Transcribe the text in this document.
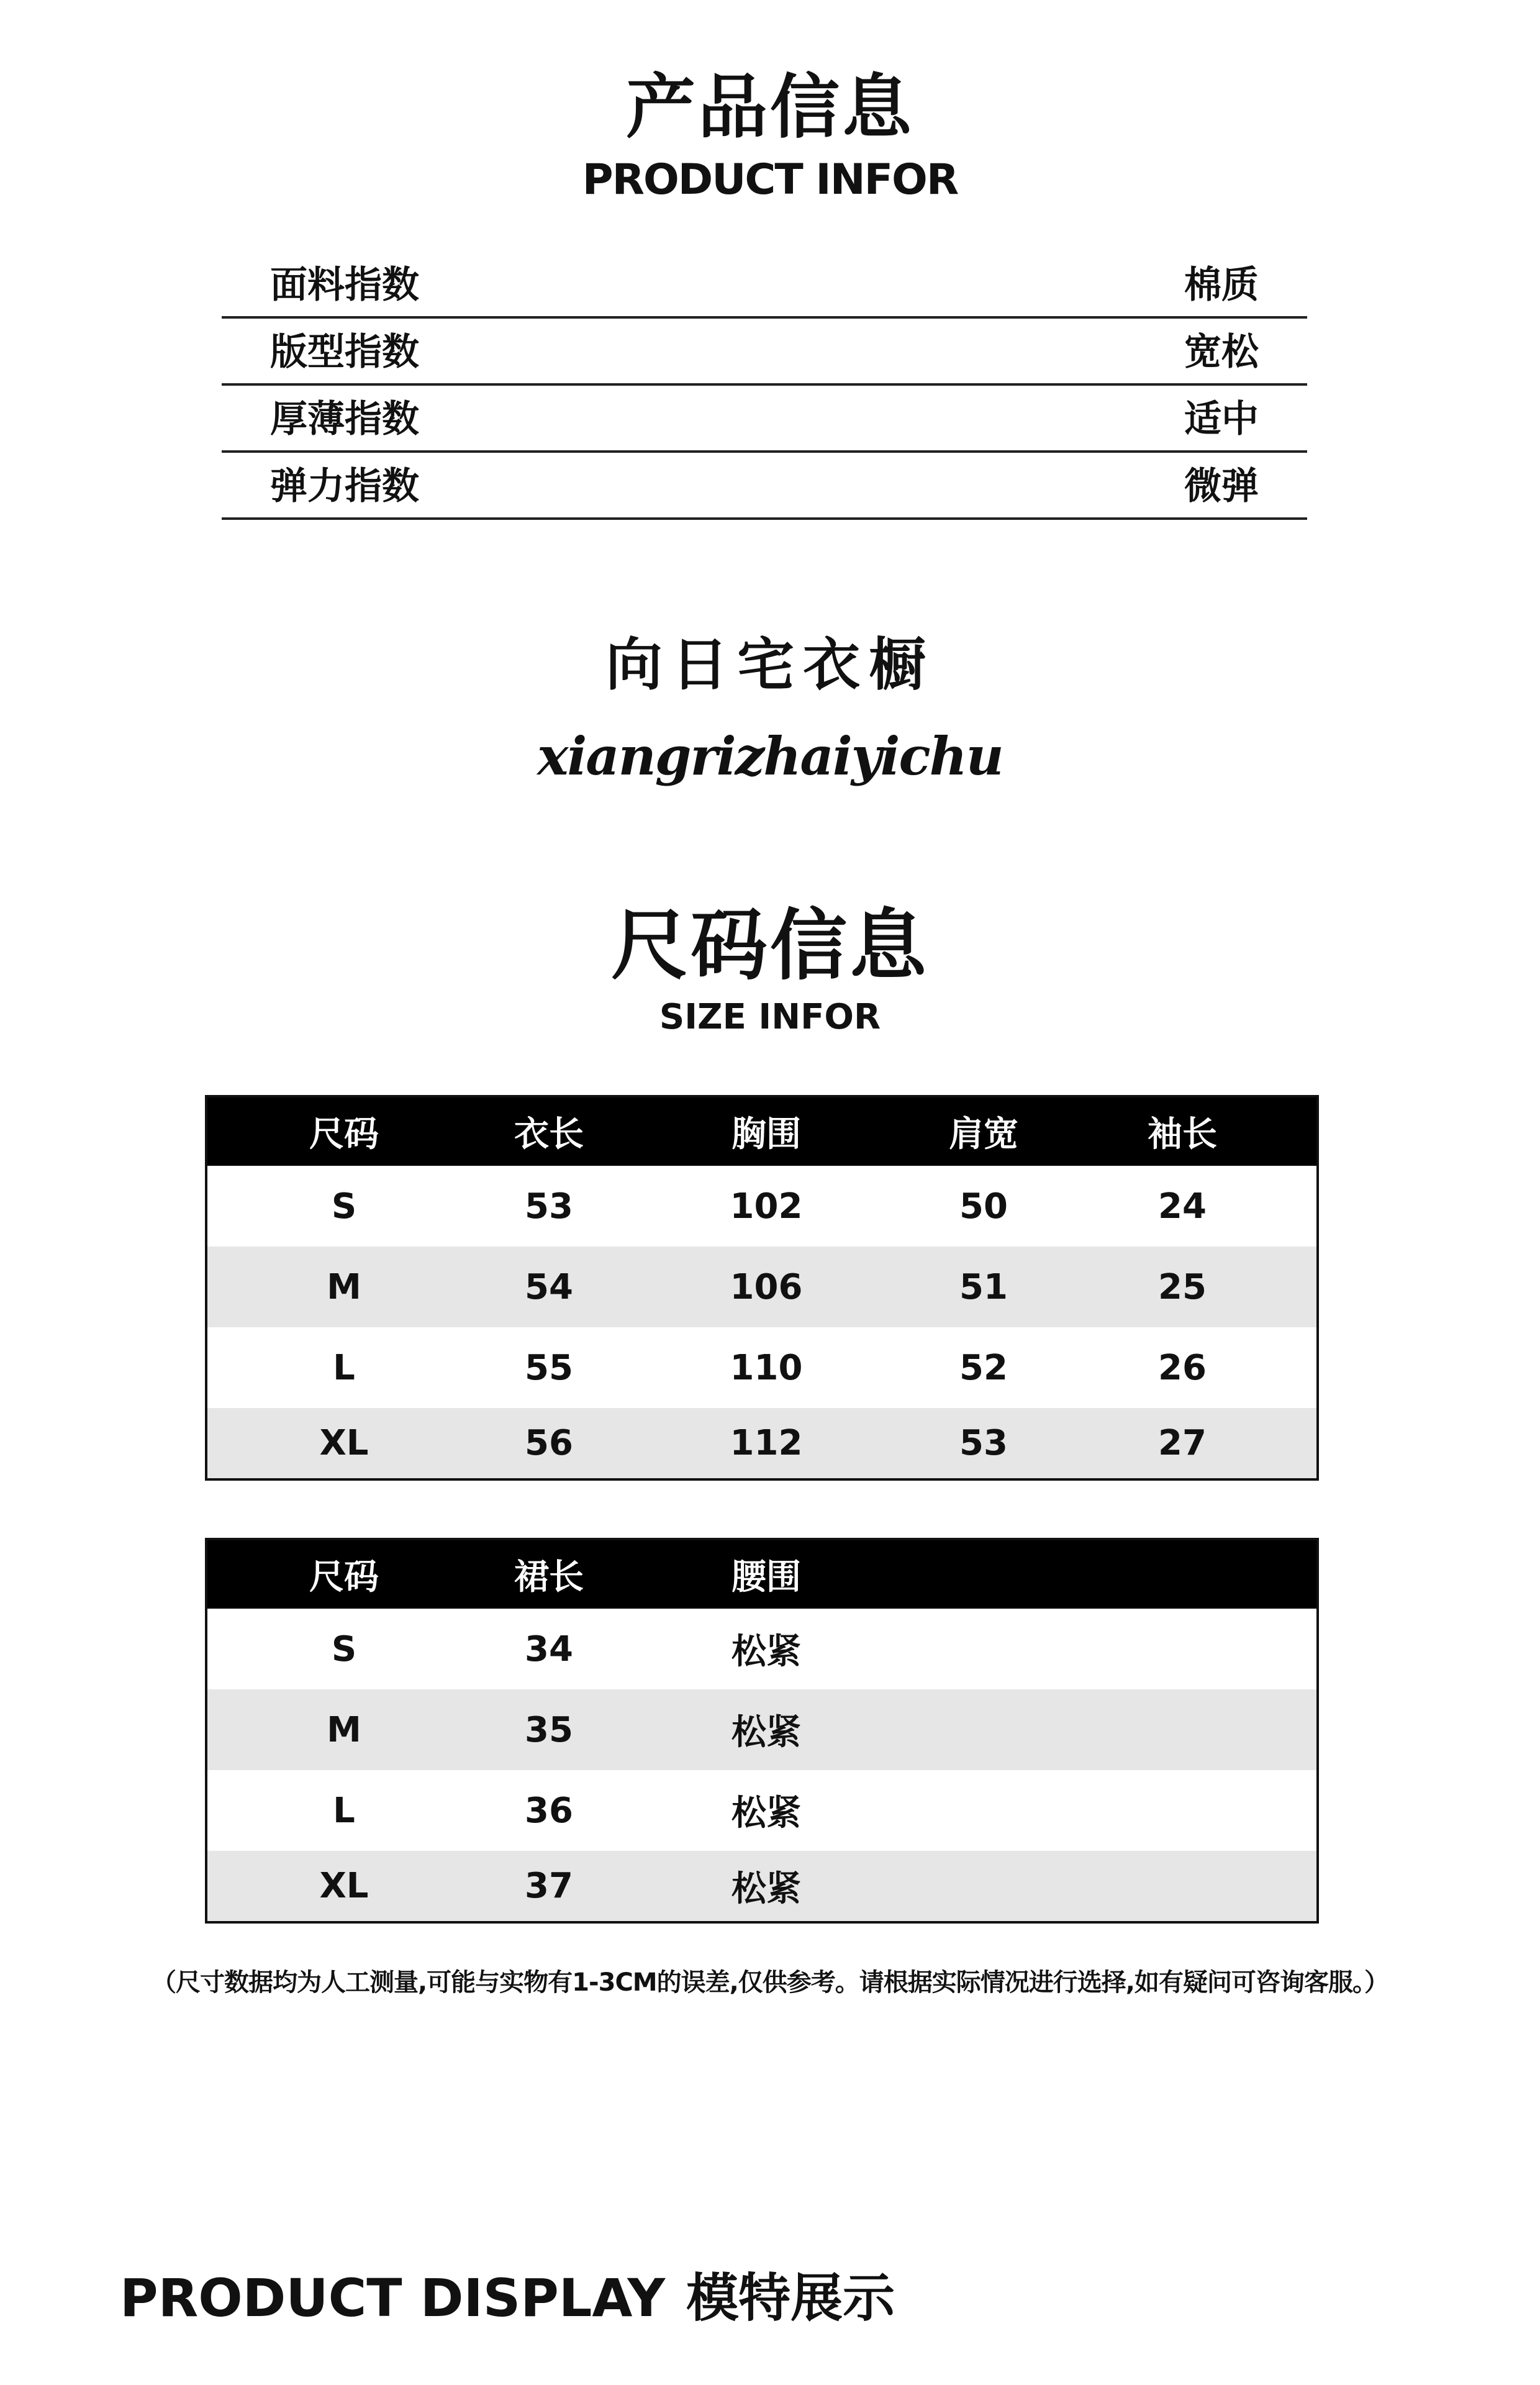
产品信息
PRODUCT INFOR
面料指数	棉质
版型指数	宽松
厚薄指数	适中
弹力指数	微弹
向日宅衣橱
xiangrizhaiyichu
尺码信息
SIZE INFOR
尺码	衣长	胸围	肩宽	袖长
S	53	102	50	24
M	54	106	51	25
L	55	110	52	26
XL	56	112	53	27
尺码	裙长	腰围
S	34	松紧
M	35	松紧
L	36	松紧
XL	37	松紧
（尺寸数据均为人工测量,可能与实物有1-3CM的误差,仅供参考。请根据实际情况进行选择,如有疑问可咨询客服。）
PRODUCT DISPLAY 模特展示
